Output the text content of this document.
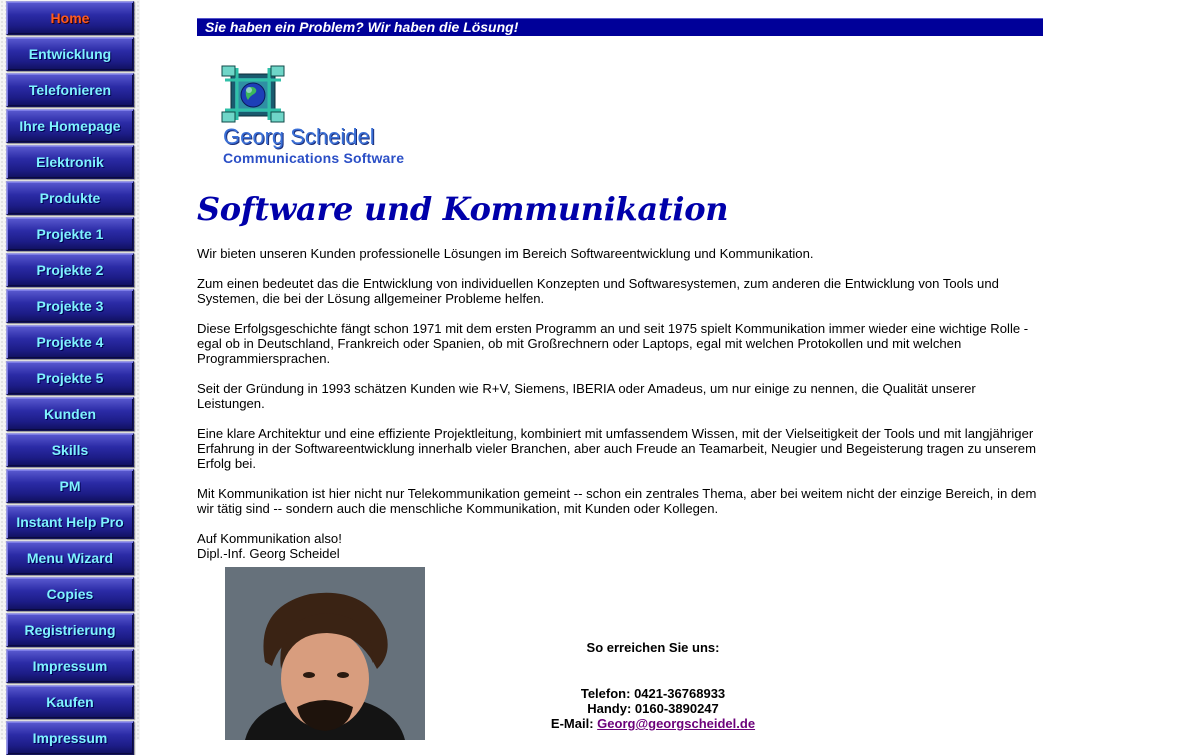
Home
Entwicklung
Telefonieren
Ihre Homepage
Elektronik
Produkte
Projekte 1
Projekte 2
Projekte 3
Projekte 4
Projekte 5
Kunden
Skills
PM
Instant Help Pro
Menu Wizard
Copies
Registrierung
Impressum
Kaufen
Impressum
Sie haben ein Problem? Wir haben die Lösung!
Georg Scheidel
Communications Software
Software und Kommunikation

Wir bieten unseren Kunden professionelle Lösungen im Bereich Softwareentwicklung und Kommunikation.

Zum einen bedeutet das die Entwicklung von individuellen Konzepten und Softwaresystemen, zum anderen die Entwicklung von Tools und Systemen, die bei der Lösung allgemeiner Probleme helfen.

Diese Erfolgsgeschichte fängt schon 1971 mit dem ersten Programm an und seit 1975 spielt Kommunikation immer wieder eine wichtige Rolle - egal ob in Deutschland, Frankreich oder Spanien, ob mit Großrechnern oder Laptops, egal mit welchen Protokollen und mit welchen Programmiersprachen.

Seit der Gründung in 1993 schätzen Kunden wie R+V, Siemens, IBERIA oder Amadeus, um nur einige zu nennen, die Qualität unserer Leistungen.

Eine klare Architektur und eine effiziente Projektleitung, kombiniert mit umfassendem Wissen, mit der Vielseitigkeit der Tools und mit langjähriger Erfahrung in der Softwareentwicklung innerhalb vieler Branchen, aber auch Freude an Teamarbeit, Neugier und Begeisterung tragen zu unserem Erfolg bei.

Mit Kommunikation ist hier nicht nur Telekommunikation gemeint -- schon ein zentrales Thema, aber bei weitem nicht der einzige Bereich, in dem wir tätig sind -- sondern auch die menschliche Kommunikation, mit Kunden oder Kollegen.

Auf Kommunikation also!
Dipl.-Inf. Georg Scheidel

So erreichen Sie uns:

Telefon: 0421-36768933
Handy: 0160-3890247
E-Mail: Georg@georgscheidel.de
